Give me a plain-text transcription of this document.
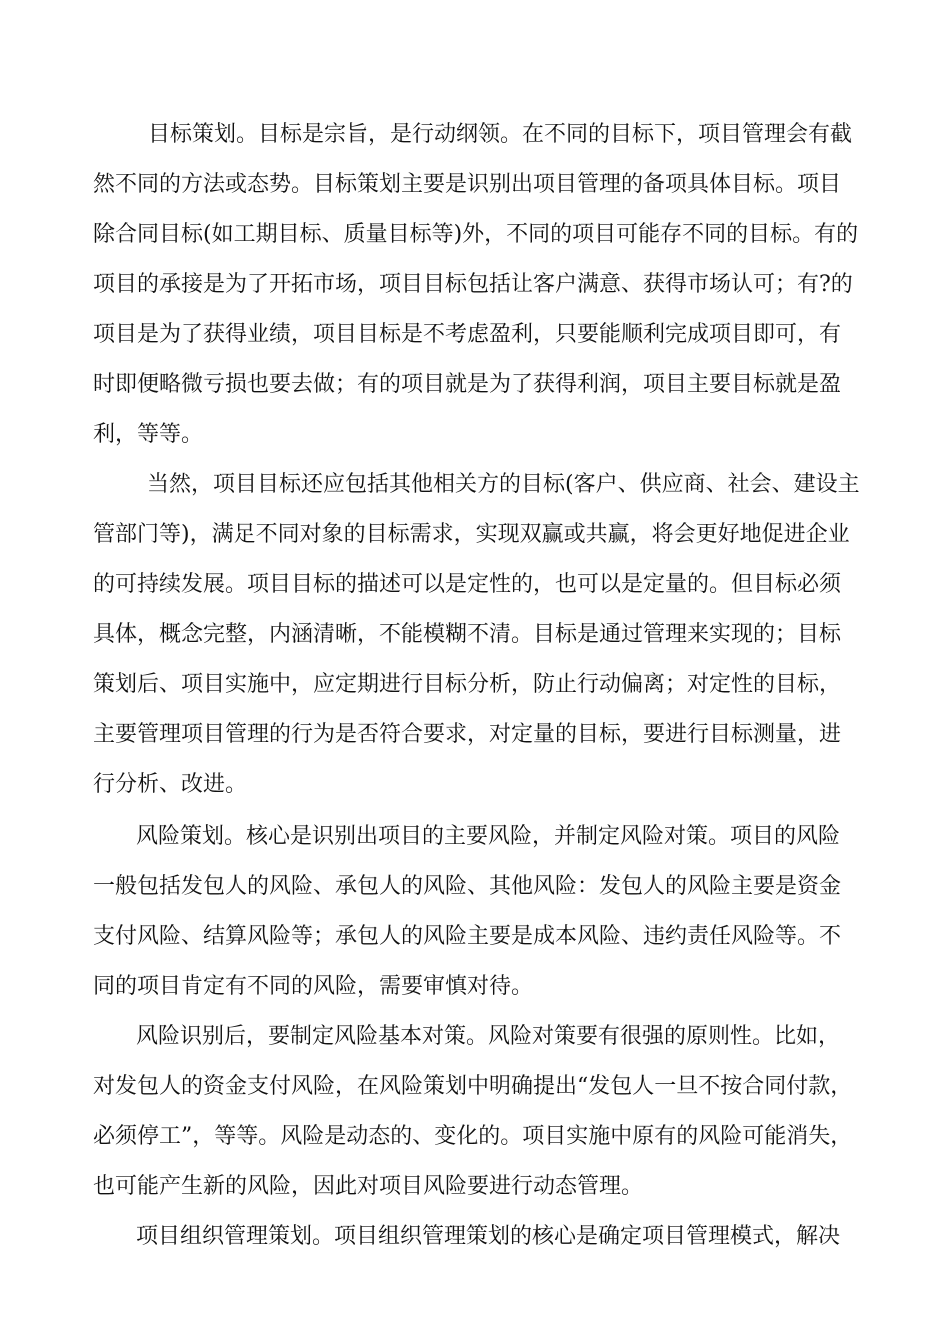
目标策划。目标是宗旨，是行动纲领。在不同的目标下，项目管理会有截
然不同的方法或态势。目标策划主要是识别出项目管理的备项具体目标。项目
除合同目标(如工期目标、质量目标等)外，不同的项目可能存不同的目标。有的
项目的承接是为了开拓市场，项目目标包括让客户满意、获得市场认可；有?的
项目是为了获得业绩，项目目标是不考虑盈利，只要能顺利完成项目即可，有
时即便略微亏损也要去做；有的项目就是为了获得利润，项目主要目标就是盈
利，等等。
当然，项目目标还应包括其他相关方的目标(客户、供应商、社会、建设主
管部门等)，满足不同对象的目标需求，实现双赢或共赢，将会更好地促进企业
的可持续发展。项目目标的描述可以是定性的，也可以是定量的。但目标必须
具体，概念完整，内涵清晰，不能模糊不清。目标是通过管理来实现的；目标
策划后、项目实施中，应定期进行目标分析，防止行动偏离；对定性的目标，
主要管理项目管理的行为是否符合要求，对定量的目标，要进行目标测量，进
行分析、改进。
风险策划。核心是识别出项目的主要风险，并制定风险对策。项目的风险
一般包括发包人的风险、承包人的风险、其他风险：发包人的风险主要是资金
支付风险、结算风险等；承包人的风险主要是成本风险、违约责任风险等。不
同的项目肯定有不同的风险，需要审慎对待。
风险识别后，要制定风险基本对策。风险对策要有很强的原则性。比如，
对发包人的资金支付风险，在风险策划中明确提出“发包人一旦不按合同付款，
必须停工”，等等。风险是动态的、变化的。项目实施中原有的风险可能消失，
也可能产生新的风险，因此对项目风险要进行动态管理。
项目组织管理策划。项目组织管理策划的核心是确定项目管理模式，解决
